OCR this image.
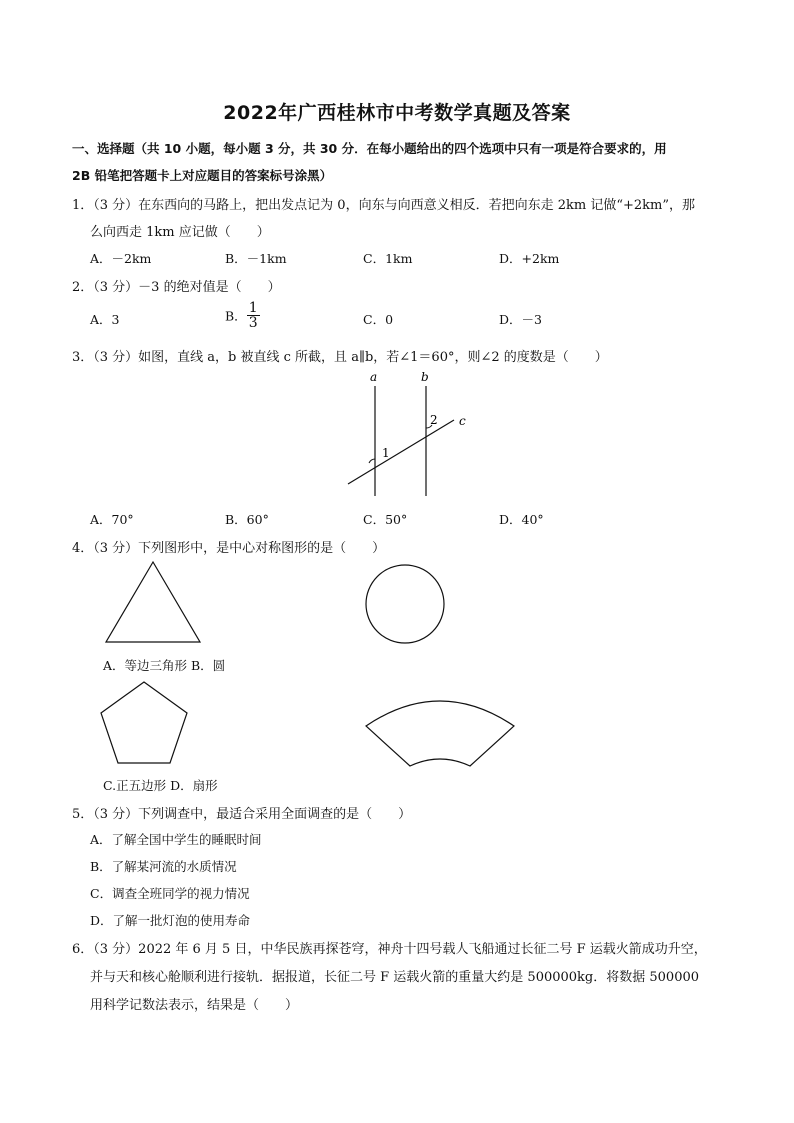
2022年广西桂林市中考数学真题及答案
一、选择题（共 10 小题，每小题 3 分，共 30 分．在每小题给出的四个选项中只有一项是符合要求的，用
2B 铅笔把答题卡上对应题目的答案标号涂黑）
1．（3 分）在东西向的马路上，把出发点记为 0，向东与向西意义相反．若把向东走 2km 记做“+2km”，那
么向西走 1km 应记做（　　）
A．－2km	B．－1km	C．1km	D．+2km
2．（3 分）－3 的绝对值是（　　）
A．3	B． $\frac{1}{3}$	C．0	D．－3
3．（3 分）如图，直线 a，b 被直线 c 所截，且 a∥b，若∠1＝60°，则∠2 的度数是（　　）
a	b
c
1
2
A．70°	B．60°	C．50°	D．40°
4．（3 分）下列图形中，是中心对称图形的是（　　）
A．等边三角形 B．圆
C.正五边形 D．扇形
5．（3 分）下列调查中，最适合采用全面调查的是（　　）
A．了解全国中学生的睡眠时间
B．了解某河流的水质情况
C．调查全班同学的视力情况
D．了解一批灯泡的使用寿命
6．（3 分）2022 年 6 月 5 日，中华民族再探苍穹，神舟十四号载人飞船通过长征二号 F 运载火箭成功升空，
并与天和核心舱顺利进行接轨．据报道，长征二号 F 运载火箭的重量大约是 500000kg．将数据 500000
用科学记数法表示，结果是（　　）
